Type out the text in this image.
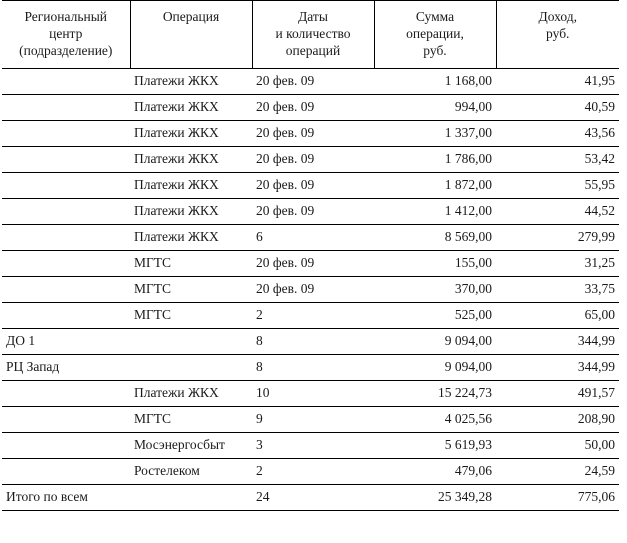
Региональный
центр
(подразделение)	Операция	Даты
и количество
операций	Сумма
операции,
руб.	Доход,
руб.

	Платежи ЖКХ	20 фев. 09	1 168,00	41,95
	Платежи ЖКХ	20 фев. 09	994,00	40,59
	Платежи ЖКХ	20 фев. 09	1 337,00	43,56
	Платежи ЖКХ	20 фев. 09	1 786,00	53,42
	Платежи ЖКХ	20 фев. 09	1 872,00	55,95
	Платежи ЖКХ	20 фев. 09	1 412,00	44,52
	Платежи ЖКХ	6	8 569,00	279,99
	МГТС	20 фев. 09	155,00	31,25
	МГТС	20 фев. 09	370,00	33,75
	МГТС	2	525,00	65,00
ДО 1		8	9 094,00	344,99
РЦ Запад		8	9 094,00	344,99
	Платежи ЖКХ	10	15 224,73	491,57
	МГТС	9	4 025,56	208,90
	Мосэнергосбыт	3	5 619,93	50,00
	Ростелеком	2	479,06	24,59
Итого по всем		24	25 349,28	775,06
